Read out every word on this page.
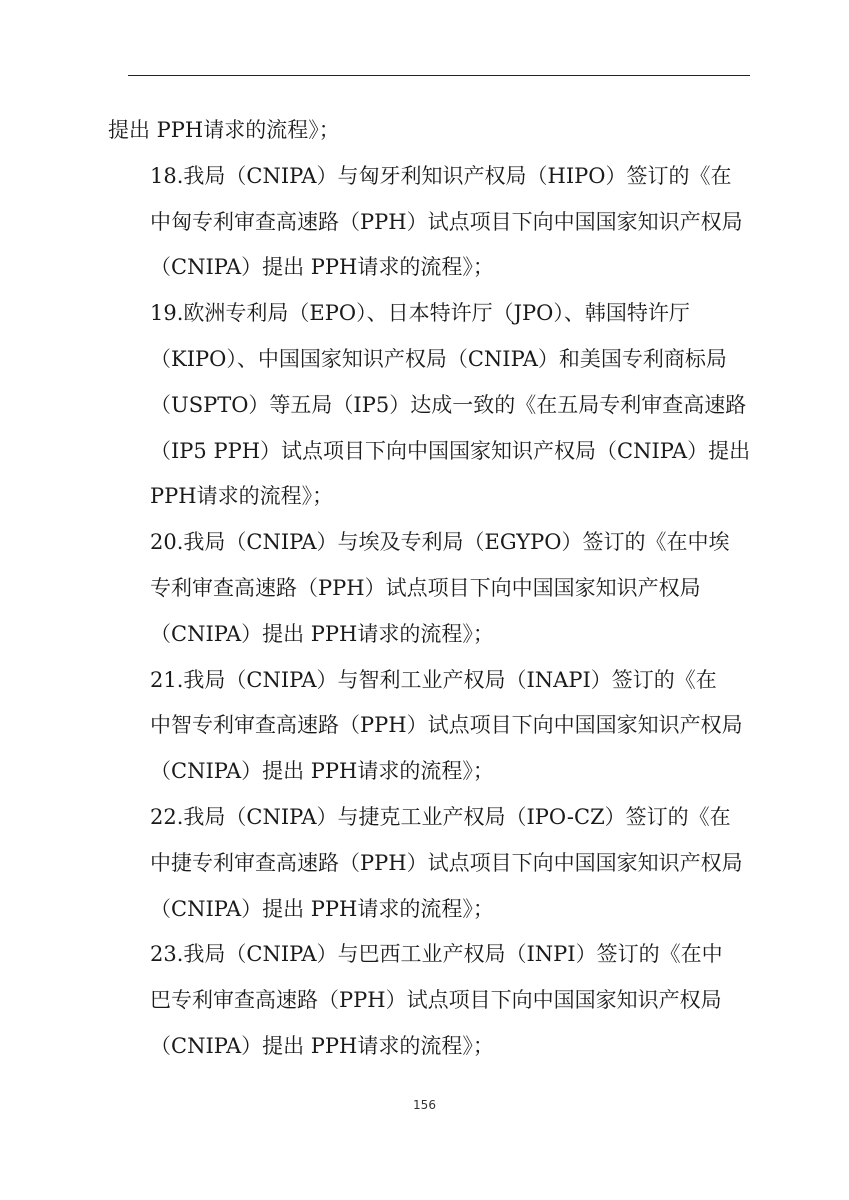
提出 PPH请求的流程》；

18.我局（CNIPA）与匈牙利知识产权局（HIPO）签订的《在
中匈专利审查高速路（PPH）试点项目下向中国国家知识产权局
（CNIPA）提出 PPH请求的流程》；

19.欧洲专利局（EPO）、日本特许厅（JPO）、韩国特许厅
（KIPO）、中国国家知识产权局（CNIPA）和美国专利商标局
（USPTO）等五局（IP5）达成一致的《在五局专利审查高速路
（IP5 PPH）试点项目下向中国国家知识产权局（CNIPA）提出
PPH请求的流程》；

20.我局（CNIPA）与埃及专利局（EGYPO）签订的《在中埃
专利审查高速路（PPH）试点项目下向中国国家知识产权局
（CNIPA）提出 PPH请求的流程》；

21.我局（CNIPA）与智利工业产权局（INAPI）签订的《在
中智专利审查高速路（PPH）试点项目下向中国国家知识产权局
（CNIPA）提出 PPH请求的流程》；

22.我局（CNIPA）与捷克工业产权局（IPO-CZ）签订的《在
中捷专利审查高速路（PPH）试点项目下向中国国家知识产权局
（CNIPA）提出 PPH请求的流程》；

23.我局（CNIPA）与巴西工业产权局（INPI）签订的《在中
巴专利审查高速路（PPH）试点项目下向中国国家知识产权局
（CNIPA）提出 PPH请求的流程》；

156
